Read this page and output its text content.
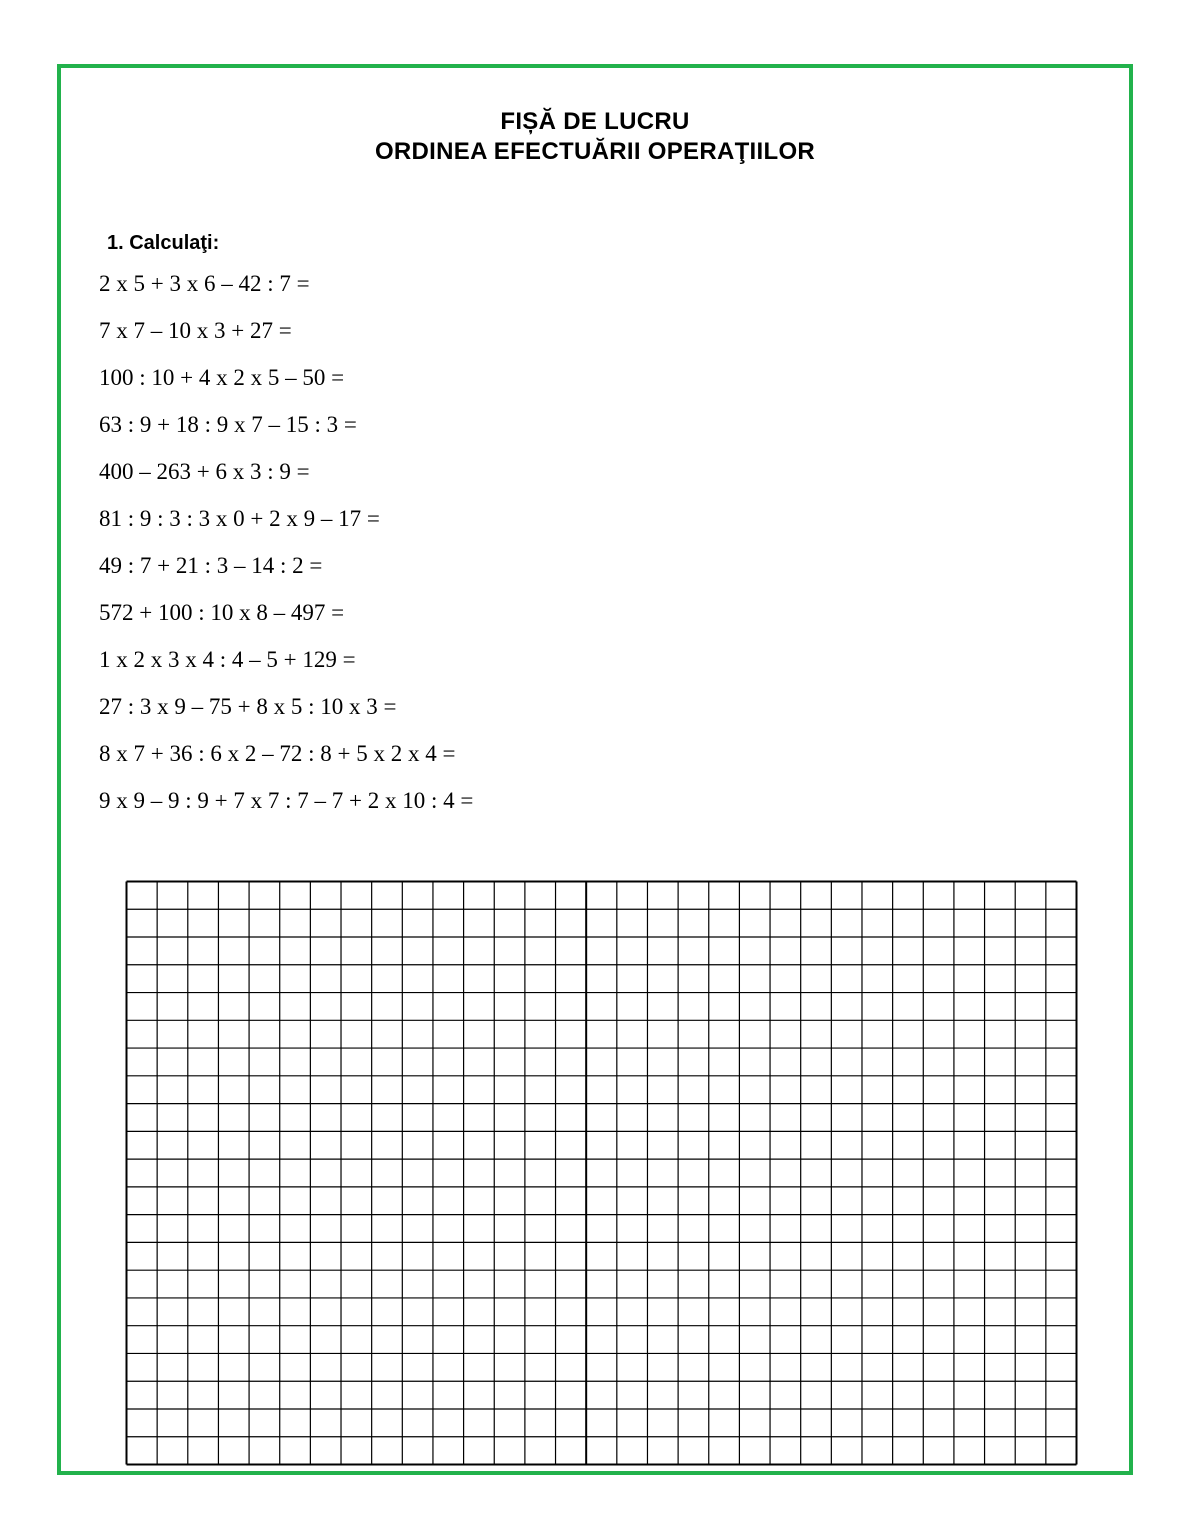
FIȘĂ DE LUCRU
ORDINEA EFECTUĂRII OPERAŢIILOR
1. Calculaţi:
2 x 5 + 3 x 6 – 42 : 7 =
7 x 7 – 10 x 3 + 27 =
100 : 10 + 4 x 2 x 5 – 50 =
63 : 9 + 18 : 9 x 7 – 15 : 3 =
400 – 263 + 6 x 3 : 9 =
81 : 9 : 3 : 3 x 0 + 2 x 9 – 17 =
49 : 7 + 21 : 3 – 14 : 2 =
572 + 100 : 10 x 8 – 497 =
1 x 2 x 3 x 4 : 4 – 5 + 129 =
27 : 3 x 9 – 75 + 8 x 5 : 10 x 3 =
8 x 7 + 36 : 6 x 2 – 72 : 8 + 5 x 2 x 4 =
9 x 9 – 9 : 9 + 7 x 7 : 7 – 7 + 2 x 10 : 4 =
